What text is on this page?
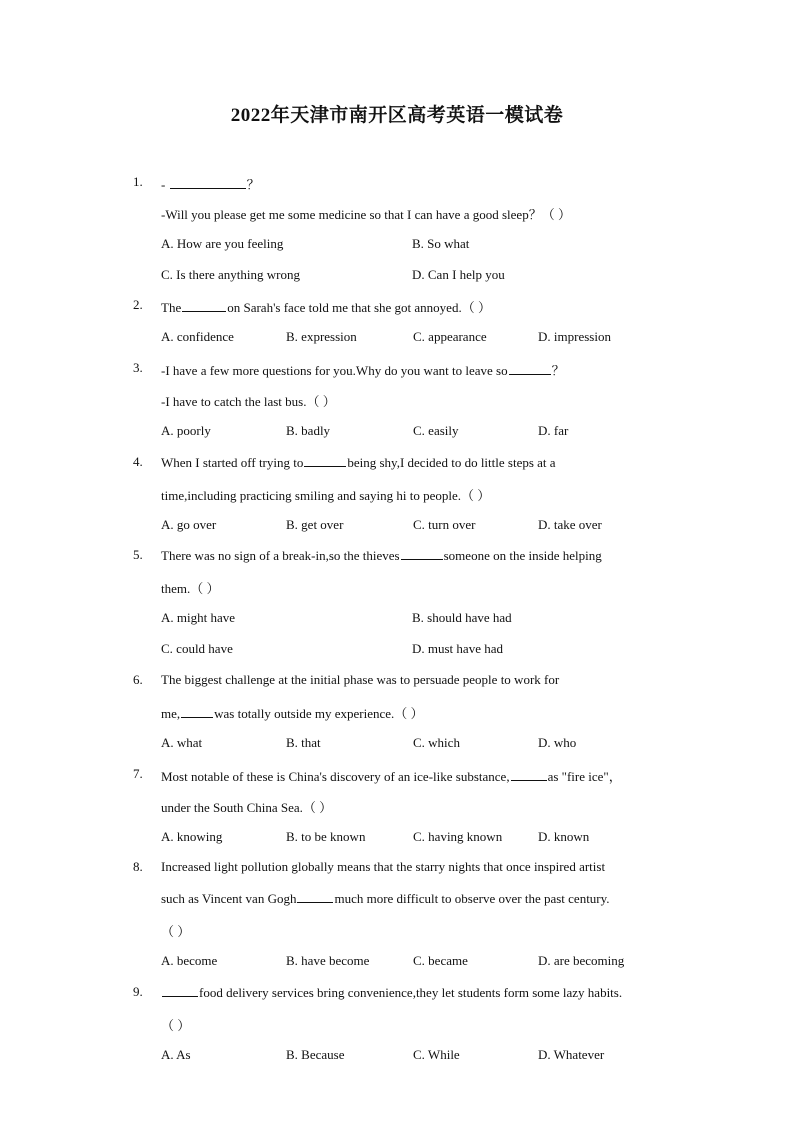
2022年天津市南开区高考英语一模试卷
1. -	？
-Will you please get me some medicine so that I can have a good sleep？（ ）
A. How are you feeling	B. So what
C. Is there anything wrong	D. Can I help you
2. The	on Sarah's face told me that she got annoyed.（ ）
A. confidence	B. expression	C. appearance	D. impression
3. -I have a few more questions for you.Why do you want to leave so	？
-I have to catch the last bus.（ ）
A. poorly	B. badly	C. easily	D. far
4. When I started off trying to	being shy,I decided to do little steps at a
time,including practicing smiling and saying hi to people.（ ）
A. go over	B. get over	C. turn over	D. take over
5. There was no sign of a break-in,so the thieves	someone on the inside helping
them.（ ）
A. might have	B. should have had
C. could have	D. must have had
6. The biggest challenge at the initial phase was to persuade people to work for
me,	was totally outside my experience.（ ）
A. what	B. that	C. which	D. who
7. Most notable of these is China's discovery of an ice-like substance,	as "fire ice"，
under the South China Sea.（ ）
A. knowing	B. to be known	C. having known	D. known
8. Increased light pollution globally means that the starry nights that once inspired artist
such as Vincent van Gogh	much more difficult to observe over the past century.
（ ）
A. become	B. have become	C. became	D. are becoming
9.	food delivery services bring convenience,they let students form some lazy habits.
（ ）
A. As	B. Because	C. While	D. Whatever
